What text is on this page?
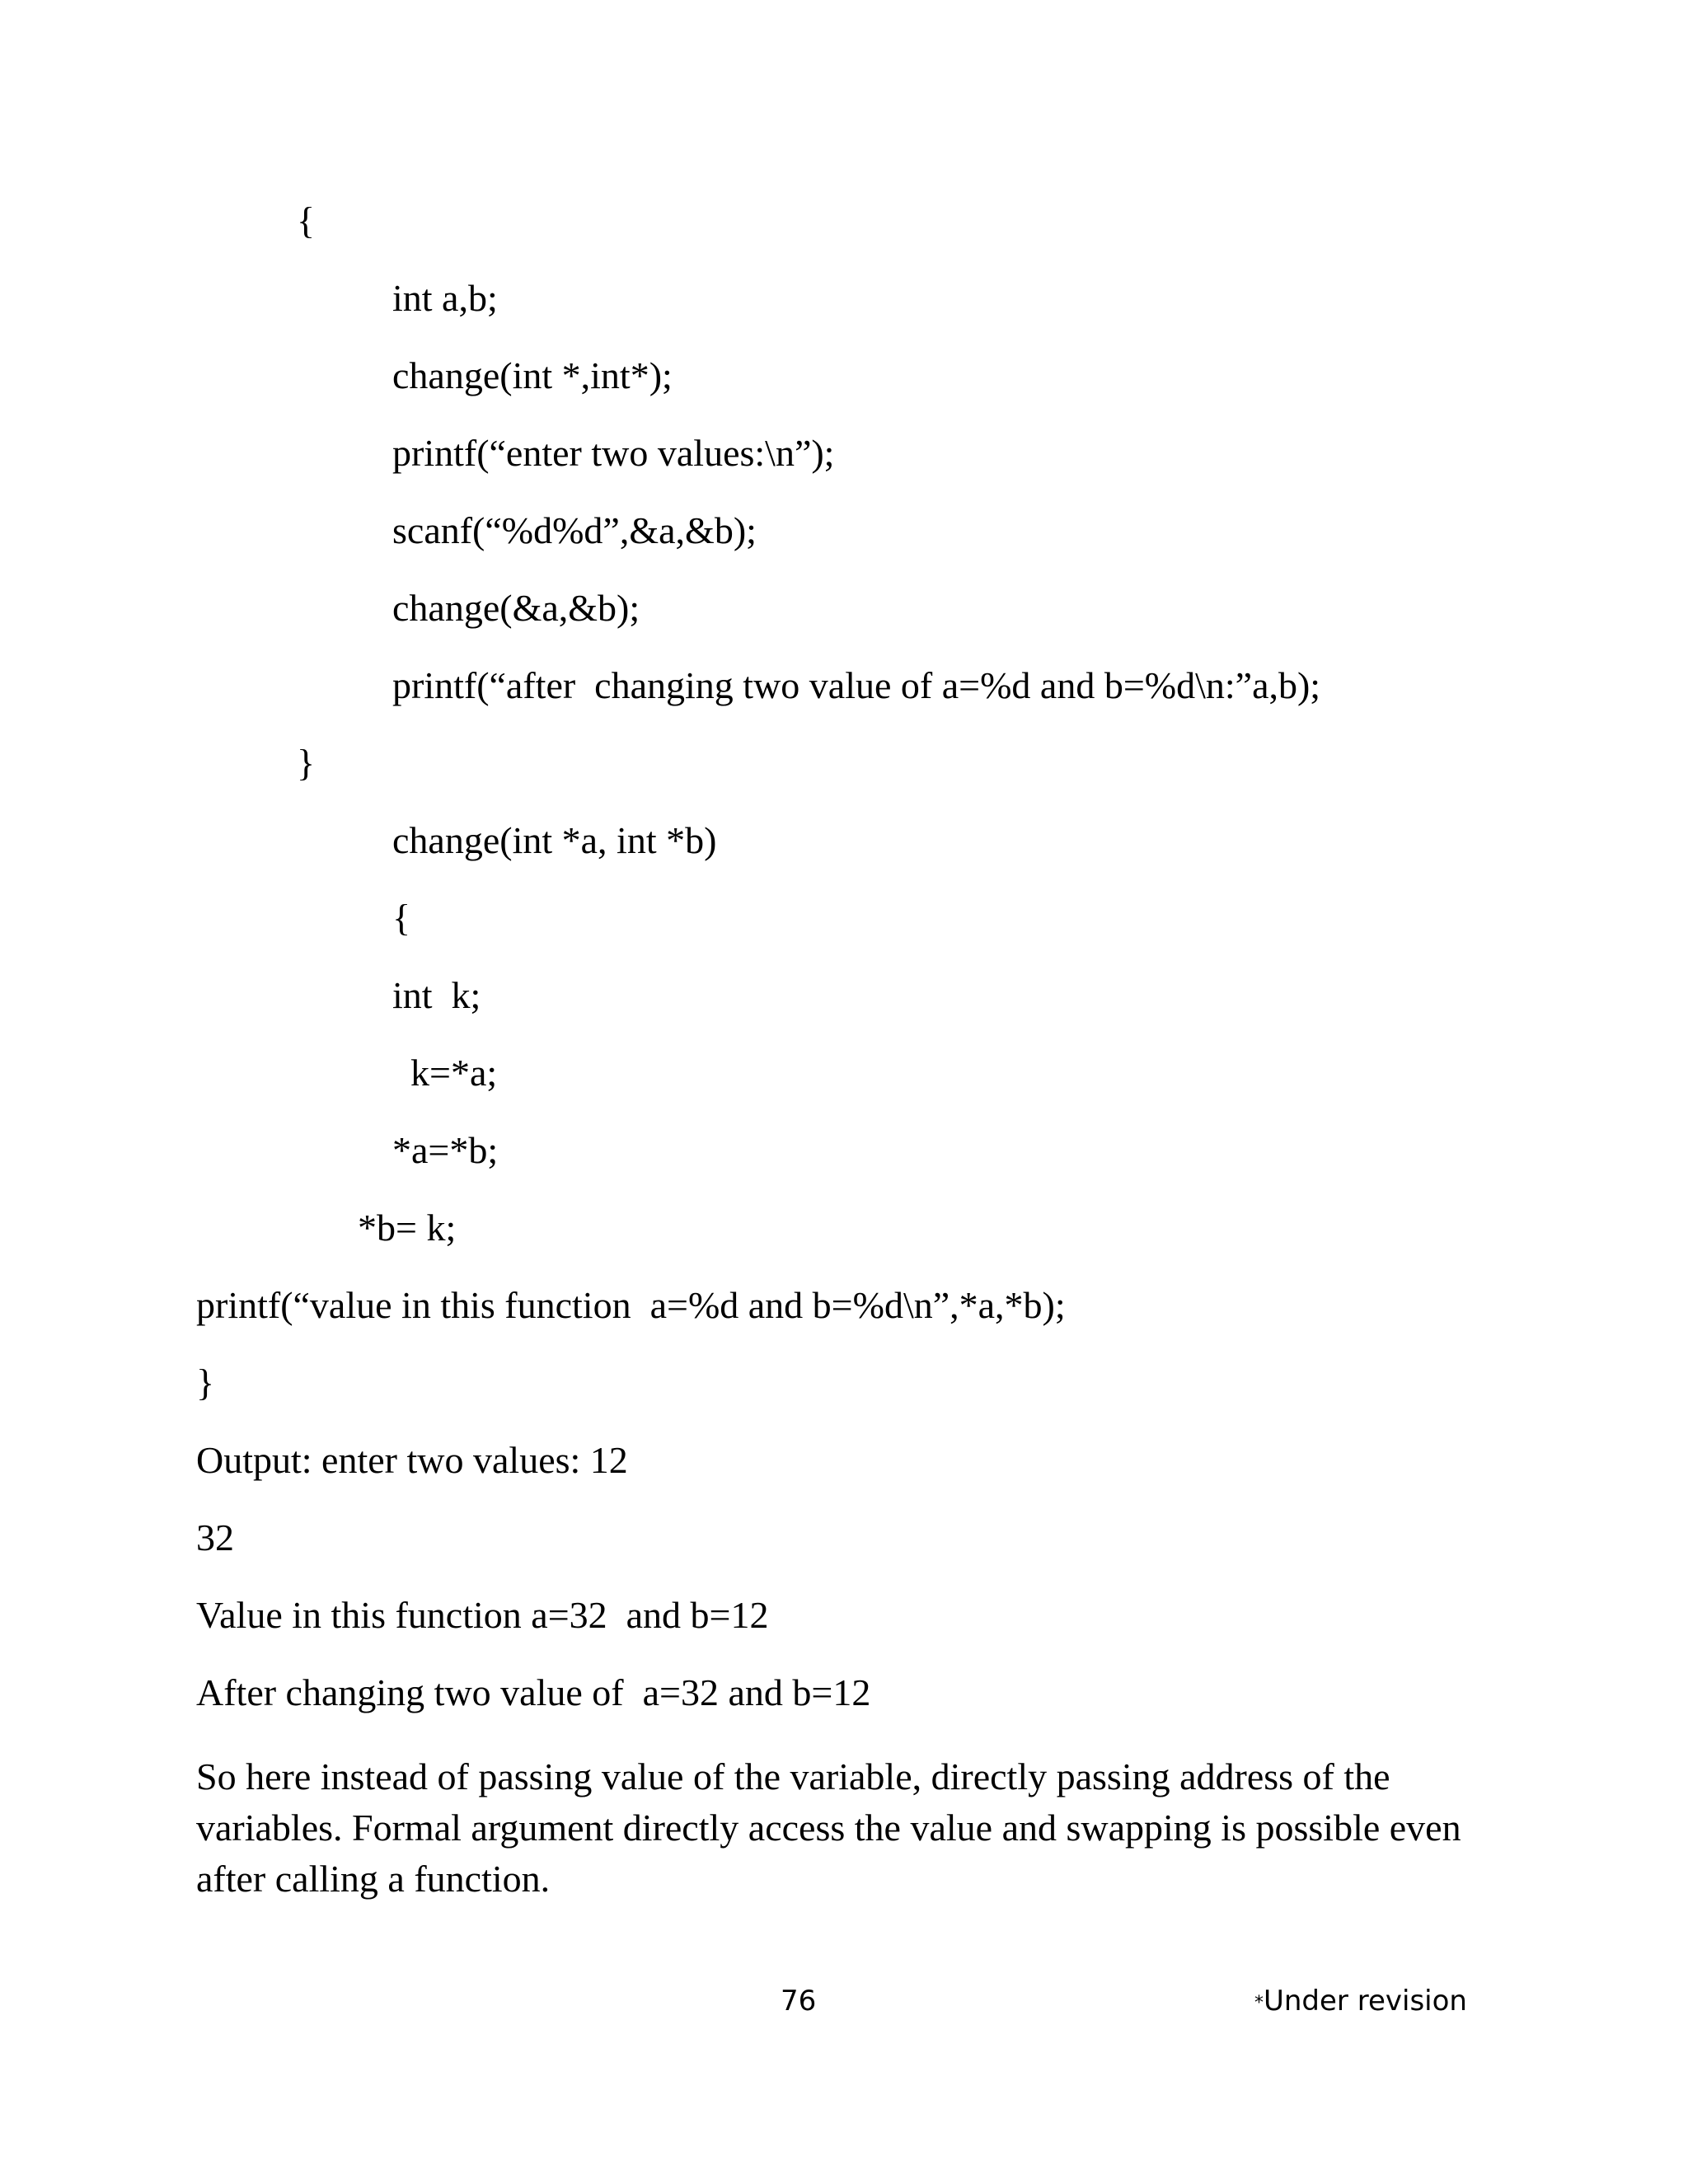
{
int a,b;
change(int *,int*);
printf(“enter two values:\n”);
scanf(“%d%d”,&a,&b);
change(&a,&b);
printf(“after  changing two value of a=%d and b=%d\n:”a,b);
}
change(int *a, int *b)
{
int  k;
k=*a;
*a=*b;
*b= k;
printf(“value in this function  a=%d and b=%d\n”,*a,*b);
}
Output: enter two values: 12
32
Value in this function a=32  and b=12
After changing two value of  a=32 and b=12
So here instead of passing value of the variable, directly passing address of the
variables. Formal argument directly access the value and swapping is possible even
after calling a function.
76	*Under revision
